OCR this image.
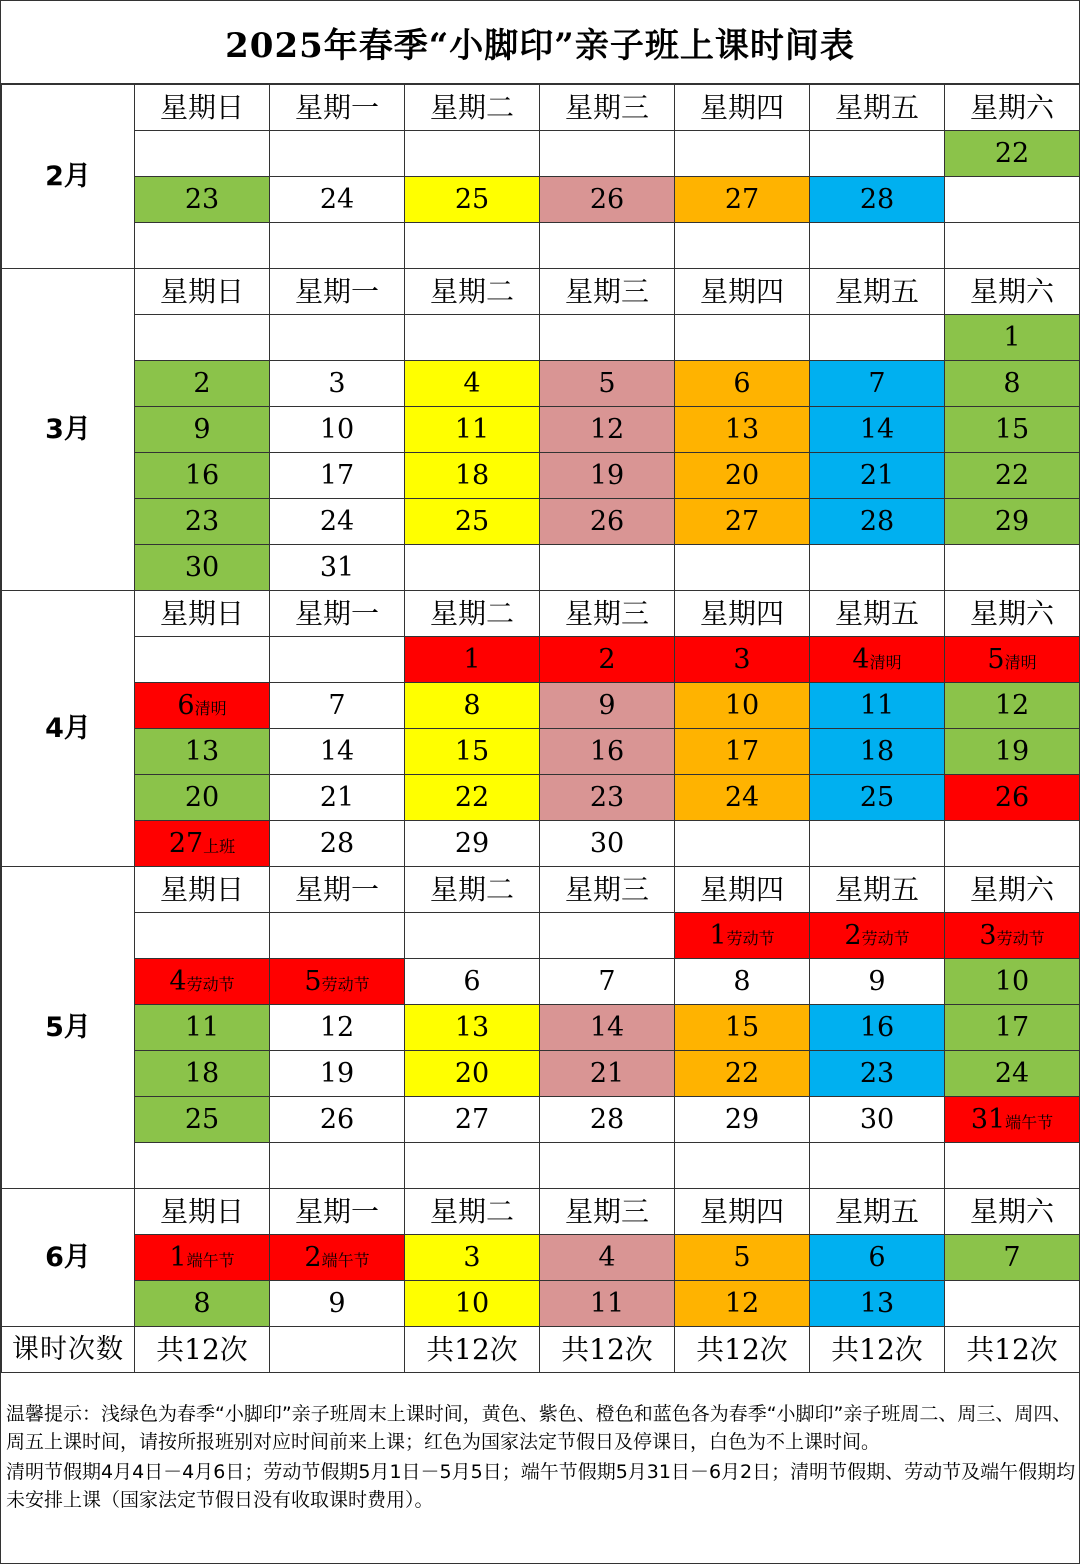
2025年春季“小脚印”亲子班上课时间表
2月	星期日	星期一	星期二	星期三	星期四	星期五	星期六
							22
	23	24	25	26	27	28	

3月	星期日	星期一	星期二	星期三	星期四	星期五	星期六
							1
	2	3	4	5	6	7	8
	9	10	11	12	13	14	15
	16	17	18	19	20	21	22
	23	24	25	26	27	28	29
	30	31					
4月	星期日	星期一	星期二	星期三	星期四	星期五	星期六
			1	2	3	4清明	5清明
	6清明	7	8	9	10	11	12
	13	14	15	16	17	18	19
	20	21	22	23	24	25	26
	27上班	28	29	30			
5月	星期日	星期一	星期二	星期三	星期四	星期五	星期六
					1劳动节	2劳动节	3劳动节
	4劳动节	5劳动节	6	7	8	9	10
	11	12	13	14	15	16	17
	18	19	20	21	22	23	24
	25	26	27	28	29	30	31端午节

6月	星期日	星期一	星期二	星期三	星期四	星期五	星期六
	1端午节	2端午节	3	4	5	6	7
	8	9	10	11	12	13	
课时次数	共12次		共12次	共12次	共12次	共12次	共12次

温馨提示：浅绿色为春季“小脚印”亲子班周末上课时间，黄色、紫色、橙色和蓝色各为春季“小脚印”亲子班周二、周三、周四、周五上课时间，请按所报班别对应时间前来上课；红色为国家法定节假日及停课日，白色为不上课时间。

清明节假期4月4日－4月6日；劳动节假期5月1日－5月5日；端午节假期5月31日－6月2日；清明节假期、劳动节及端午假期均未安排上课（国家法定节假日没有收取课时费用）。
